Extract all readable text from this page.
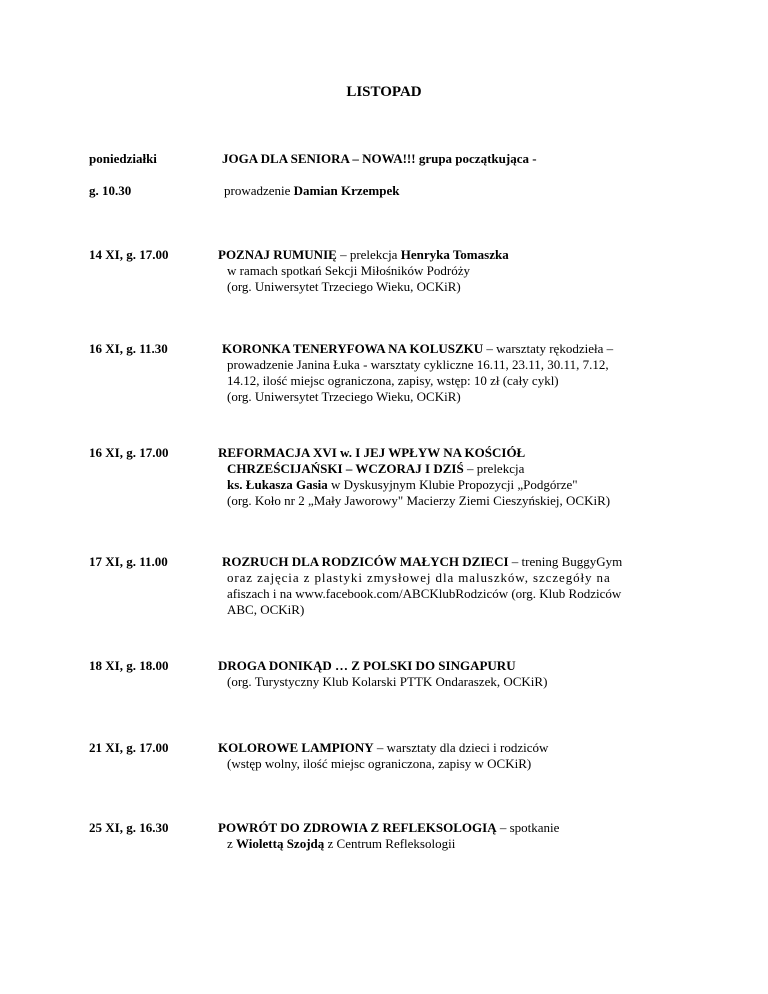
LISTOPAD
poniedziałki	JOGA DLA SENIORA – NOWA!!! grupa początkująca -
g. 10.30	prowadzenie Damian Krzempek
14 XI, g. 17.00	POZNAJ RUMUNIĘ – prelekcja Henryka Tomaszka
w ramach spotkań Sekcji Miłośników Podróży
(org. Uniwersytet Trzeciego Wieku, OCKiR)
16 XI, g. 11.30	KORONKA TENERYFOWA NA KOLUSZKU – warsztaty rękodzieła –
prowadzenie Janina Łuka - warsztaty cykliczne 16.11, 23.11, 30.11, 7.12,
14.12, ilość miejsc ograniczona, zapisy, wstęp: 10 zł (cały cykl)
(org. Uniwersytet Trzeciego Wieku, OCKiR)
16 XI, g. 17.00	REFORMACJA XVI w. I JEJ WPŁYW NA KOŚCIÓŁ
CHRZEŚCIJAŃSKI – WCZORAJ I DZIŚ – prelekcja
ks. Łukasza Gasia w Dyskusyjnym Klubie Propozycji „Podgórze"
(org. Koło nr 2 „Mały Jaworowy" Macierzy Ziemi Cieszyńskiej, OCKiR)
17 XI, g. 11.00	ROZRUCH DLA RODZICÓW MAŁYCH DZIECI – trening BuggyGym
oraz zajęcia z plastyki zmysłowej dla maluszków, szczegóły na
afiszach i na www.facebook.com/ABCKlubRodziców (org. Klub Rodziców
ABC, OCKiR)
18 XI, g. 18.00	DROGA DONIKĄD … Z POLSKI DO SINGAPURU
(org. Turystyczny Klub Kolarski PTTK Ondaraszek, OCKiR)
21 XI, g. 17.00	KOLOROWE LAMPIONY – warsztaty dla dzieci i rodziców
(wstęp wolny, ilość miejsc ograniczona, zapisy w OCKiR)
25 XI, g. 16.30	POWRÓT DO ZDROWIA Z REFLEKSOLOGIĄ – spotkanie
z Wiolettą Szojdą z Centrum Refleksologii
